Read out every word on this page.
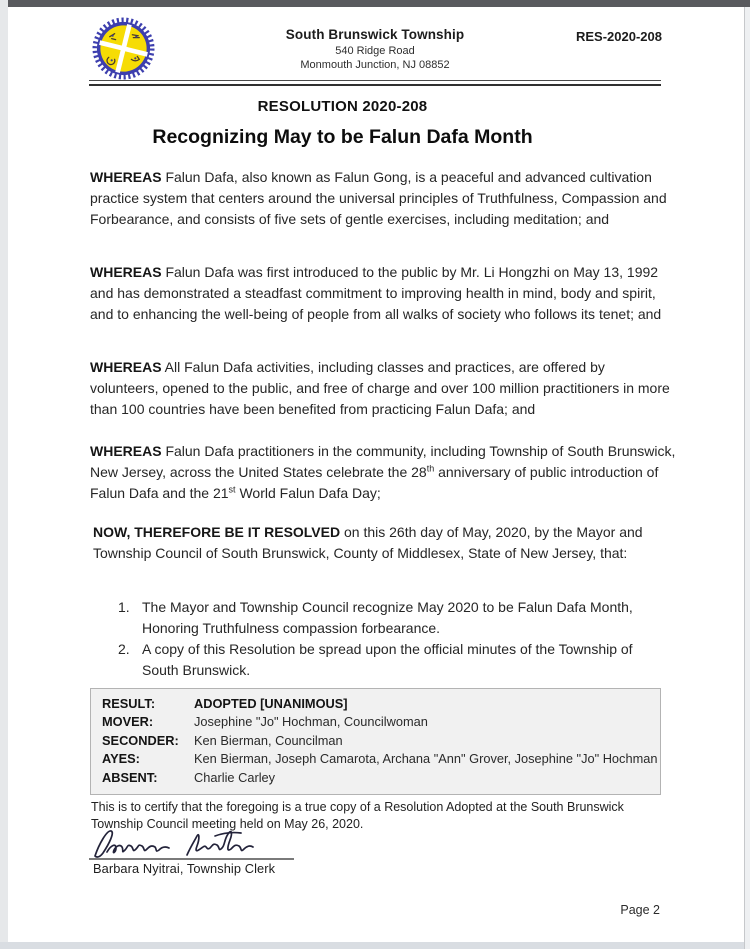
South Brunswick Township
540 Ridge Road
Monmouth Junction, NJ 08852
RES-2020-208
RESOLUTION 2020-208
Recognizing May to be Falun Dafa Month
WHEREAS Falun Dafa, also known as Falun Gong, is a peaceful and advanced cultivation practice system that centers around the universal principles of Truthfulness, Compassion and Forbearance, and consists of five sets of gentle exercises, including meditation; and
WHEREAS Falun Dafa was first introduced to the public by Mr. Li Hongzhi on May 13, 1992 and has demonstrated a steadfast commitment to improving health in mind, body and spirit, and to enhancing the well-being of people from all walks of society who follows its tenet; and
WHEREAS All Falun Dafa activities, including classes and practices, are offered by volunteers, opened to the public, and free of charge and over 100 million practitioners in more than 100 countries have been benefited from practicing Falun Dafa; and
WHEREAS Falun Dafa practitioners in the community, including Township of South Brunswick, New Jersey, across the United States celebrate the 28th anniversary of public introduction of Falun Dafa and the 21st World Falun Dafa Day;
NOW, THEREFORE BE IT RESOLVED on this 26th day of May, 2020, by the Mayor and Township Council of South Brunswick, County of Middlesex, State of New Jersey, that:
1. The Mayor and Township Council recognize May 2020 to be Falun Dafa Month, Honoring Truthfulness compassion forbearance.
2. A copy of this Resolution be spread upon the official minutes of the Township of South Brunswick.
RESULT:	ADOPTED [UNANIMOUS]
MOVER:	Josephine "Jo" Hochman, Councilwoman
SECONDER:	Ken Bierman, Councilman
AYES:	Ken Bierman, Joseph Camarota, Archana "Ann" Grover, Josephine "Jo" Hochman
ABSENT:	Charlie Carley
This is to certify that the foregoing is a true copy of a Resolution Adopted at the South Brunswick Township Council meeting held on May 26, 2020.
Barbara Nyitrai, Township Clerk
Page 2
